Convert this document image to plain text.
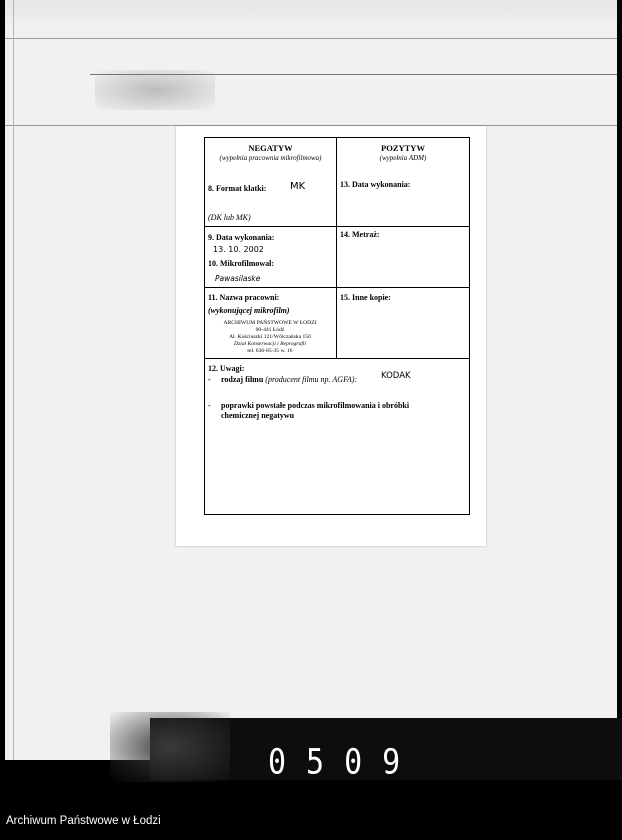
NEGATYW
(wypełnia pracownia mikrofilmowa)
POZYTYW
(wypełnia ADM)
8. Format klatki: MK
(DK lub MK)
13. Data wykonania:
9. Data wykonania:
13. 10. 2002
10. Mikrofilmował:
Pawasilaske
14. Metraż:
11. Nazwa pracowni:
(wykonującej mikrofilm)
ARCHIWUM PAŃSTWOWE W ŁODZI
90-441 Łódź
Al. Kościuszki 121/Wólczańska 150
Dział Konserwacji i Reprografii
tel. 636-85-35 w. 16
15. Inne kopie:
12. Uwagi:
- rodzaj filmu (producent filmu np. AGFA):	KODAK
- poprawki powstałe podczas mikrofilmowania i obróbki
chemicznej negatywu
0509
Archiwum Państwowe w Łodzi
